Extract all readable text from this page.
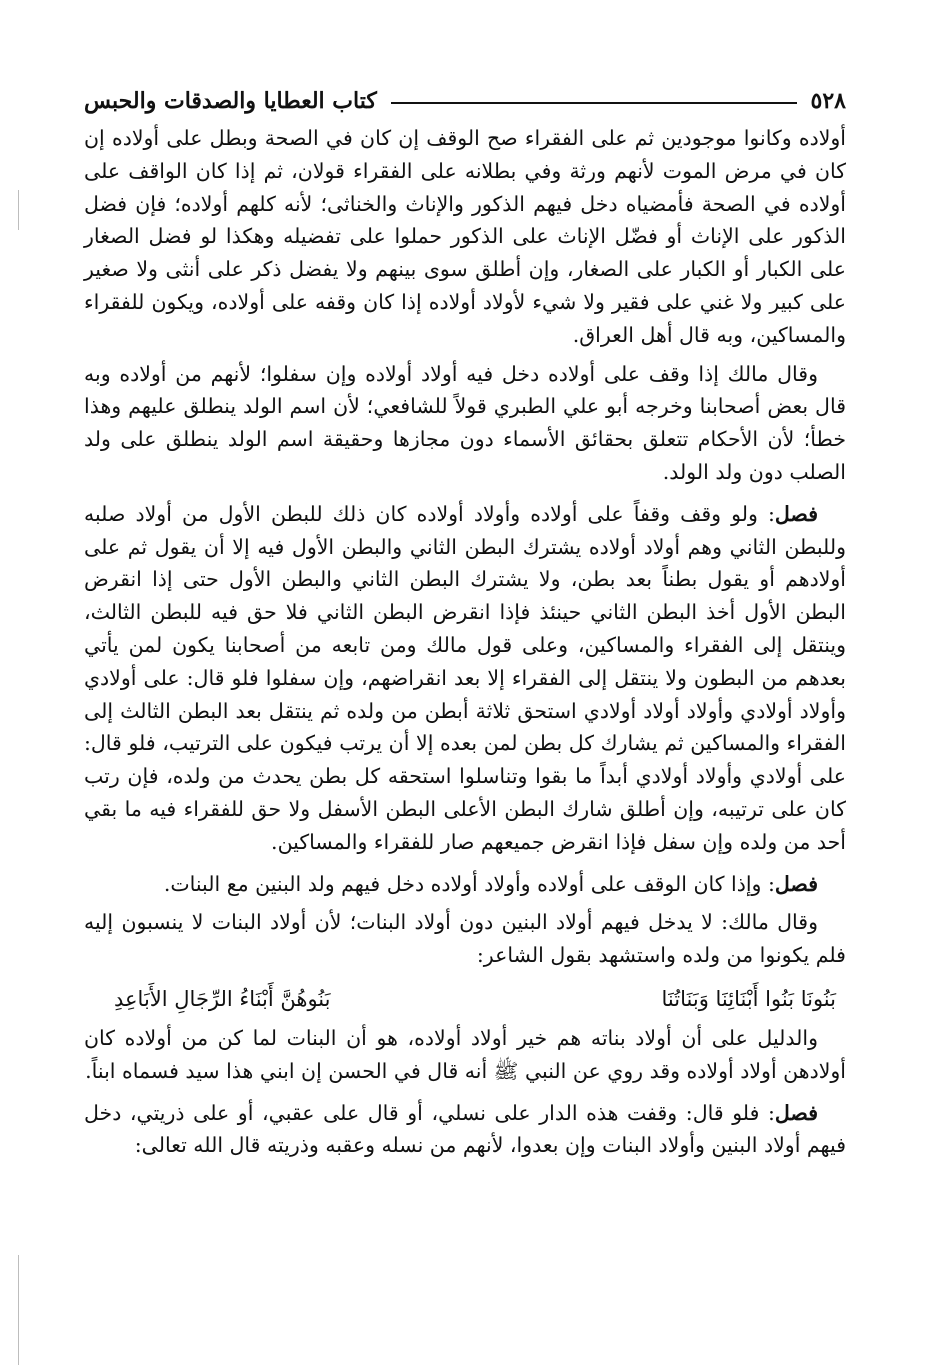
٥٢٨
كتاب العطايا والصدقات والحبس

أولاده وكانوا موجودين ثم على الفقراء صح الوقف إن كان في الصحة وبطل على أولاده إن كان في مرض الموت لأنهم ورثة وفي بطلانه على الفقراء قولان، ثم إذا كان الواقف على أولاده في الصحة فأمضياه دخل فيهم الذكور والإناث والخناثى؛ لأنه كلهم أولاده؛ فإن فضل الذكور على الإناث أو فضّل الإناث على الذكور حملوا على تفضيله وهكذا لو فضل الصغار على الكبار أو الكبار على الصغار، وإن أطلق سوى بينهم ولا يفضل ذكر على أنثى ولا صغير على كبير ولا غني على فقير ولا شيء لأولاد أولاده إذا كان وقفه على أولاده، ويكون للفقراء والمساكين، وبه قال أهل العراق.

وقال مالك إذا وقف على أولاده دخل فيه أولاد أولاده وإن سفلوا؛ لأنهم من أولاده وبه قال بعض أصحابنا وخرجه أبو علي الطبري قولاً للشافعي؛ لأن اسم الولد ينطلق عليهم وهذا خطأ؛ لأن الأحكام تتعلق بحقائق الأسماء دون مجازها وحقيقة اسم الولد ينطلق على ولد الصلب دون ولد الولد.

فصل: ولو وقف وقفاً على أولاده وأولاد أولاده كان ذلك للبطن الأول من أولاد صلبه وللبطن الثاني وهم أولاد أولاده يشترك البطن الثاني والبطن الأول فيه إلا أن يقول ثم على أولادهم أو يقول بطناً بعد بطن، ولا يشترك البطن الثاني والبطن الأول حتى إذا انقرض البطن الأول أخذ البطن الثاني حينئذ فإذا انقرض البطن الثاني فلا حق فيه للبطن الثالث، وينتقل إلى الفقراء والمساكين، وعلى قول مالك ومن تابعه من أصحابنا يكون لمن يأتي بعدهم من البطون ولا ينتقل إلى الفقراء إلا بعد انقراضهم، وإن سفلوا فلو قال: على أولادي وأولاد أولادي وأولاد أولاد أولادي استحق ثلاثة أبطن من ولده ثم ينتقل بعد البطن الثالث إلى الفقراء والمساكين ثم يشارك كل بطن لمن بعده إلا أن يرتب فيكون على الترتيب، فلو قال: على أولادي وأولاد أولادي أبداً ما بقوا وتناسلوا استحقه كل بطن يحدث من ولده، فإن رتب كان على ترتيبه، وإن أطلق شارك البطن الأعلى البطن الأسفل ولا حق للفقراء فيه ما بقي أحد من ولده وإن سفل فإذا انقرض جميعهم صار للفقراء والمساكين.

فصل: وإذا كان الوقف على أولاده وأولاد أولاده دخل فيهم ولد البنين مع البنات.

وقال مالك: لا يدخل فيهم أولاد البنين دون أولاد البنات؛ لأن أولاد البنات لا ينسبون إليه فلم يكونوا من ولده واستشهد بقول الشاعر:

بَنُونَا بَنُوا أَبْنَائِنَا وَبَنَاتُنَا
بَنُوهُنَّ أَبْنَاءُ الرِّجَالِ الأَبَاعِدِ

والدليل على أن أولاد بناته هم خير أولاد أولاده، هو أن البنات لما كن من أولاده كان أولادهن أولاد أولاده وقد روي عن النبي ﷺ أنه قال في الحسن إن ابني هذا سيد فسماه ابناً.

فصل: فلو قال: وقفت هذه الدار على نسلي، أو قال على عقبي، أو على ذريتي، دخل فيهم أولاد البنين وأولاد البنات وإن بعدوا، لأنهم من نسله وعقبه وذريته قال الله تعالى:
